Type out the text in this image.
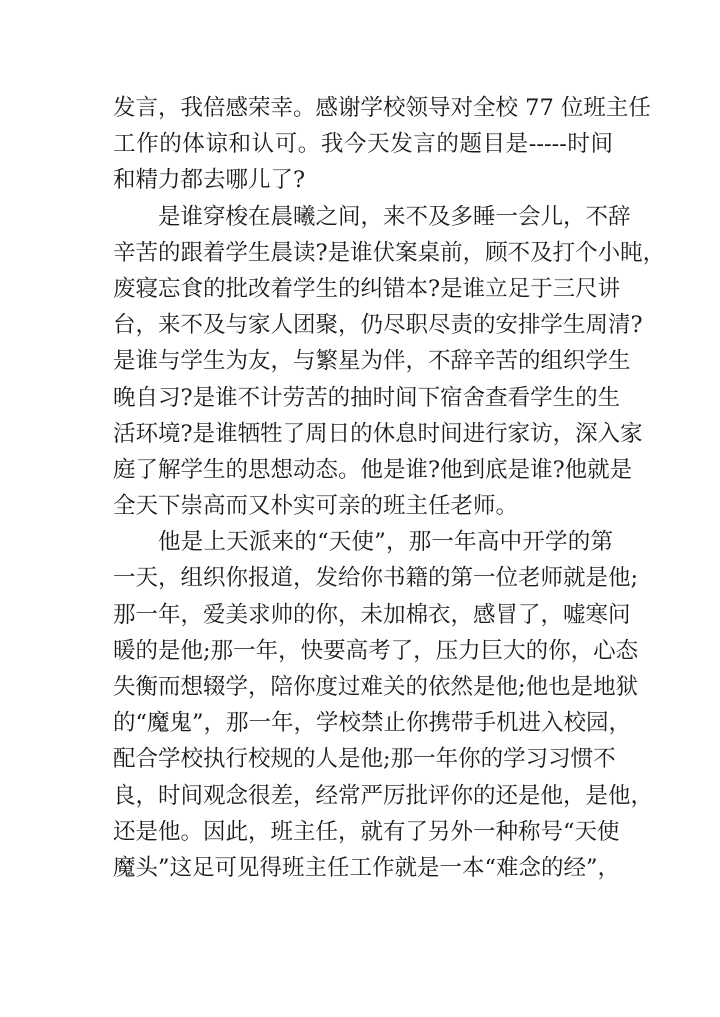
发言，我倍感荣幸。感谢学校领导对全校 77 位班主任
工作的体谅和认可。我今天发言的题目是-----时间
和精力都去哪儿了?
是谁穿梭在晨曦之间，来不及多睡一会儿，不辞
辛苦的跟着学生晨读?是谁伏案桌前，顾不及打个小盹，
废寝忘食的批改着学生的纠错本?是谁立足于三尺讲
台，来不及与家人团聚，仍尽职尽责的安排学生周清?
是谁与学生为友，与繁星为伴，不辞辛苦的组织学生
晚自习?是谁不计劳苦的抽时间下宿舍查看学生的生
活环境?是谁牺牲了周日的休息时间进行家访，深入家
庭了解学生的思想动态。他是谁?他到底是谁?他就是
全天下崇高而又朴实可亲的班主任老师。
他是上天派来的“天使”，那一年高中开学的第
一天，组织你报道，发给你书籍的第一位老师就是他;
那一年，爱美求帅的你，未加棉衣，感冒了，嘘寒问
暖的是他;那一年，快要高考了，压力巨大的你，心态
失衡而想辍学，陪你度过难关的依然是他;他也是地狱
的“魔鬼”，那一年，学校禁止你携带手机进入校园，
配合学校执行校规的人是他;那一年你的学习习惯不
良，时间观念很差，经常严厉批评你的还是他，是他，
还是他。因此，班主任，就有了另外一种称号“天使
魔头”这足可见得班主任工作就是一本“难念的经”，
